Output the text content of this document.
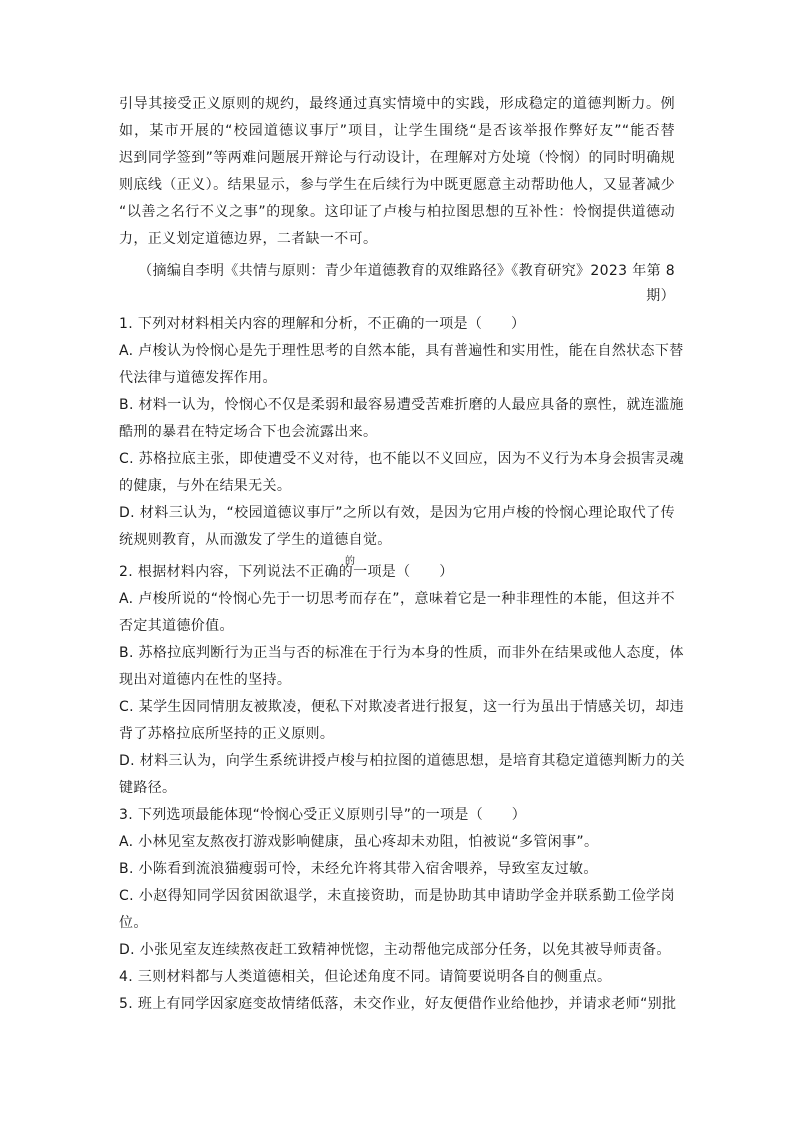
引导其接受正义原则的规约，最终通过真实情境中的实践，形成稳定的道德判断力。例
如，某市开展的“校园道德议事厅”项目，让学生围绕“是否该举报作弊好友”“能否替
迟到同学签到”等两难问题展开辩论与行动设计，在理解对方处境（怜悯）的同时明确规
则底线（正义）。结果显示，参与学生在后续行为中既更愿意主动帮助他人，又显著减少
“以善之名行不义之事”的现象。这印证了卢梭与柏拉图思想的互补性：怜悯提供道德动
力，正义划定道德边界，二者缺一不可。
（摘编自李明《共情与原则：青少年道德教育的双维路径》《教育研究》2023 年第 8
期）
1. 下列对材料相关内容的理解和分析，不正确的一项是（　　）
A. 卢梭认为怜悯心是先于理性思考的自然本能，具有普遍性和实用性，能在自然状态下替
代法律与道德发挥作用。
B. 材料一认为，怜悯心不仅是柔弱和最容易遭受苦难折磨的人最应具备的禀性，就连滥施
酷刑的暴君在特定场合下也会流露出来。
C. 苏格拉底主张，即使遭受不义对待，也不能以不义回应，因为不义行为本身会损害灵魂
的健康，与外在结果无关。
D. 材料三认为，“校园道德议事厅”之所以有效，是因为它用卢梭的怜悯心理论取代了传
统规则教育，从而激发了学生的道德自觉。
2. 根据材料内容，下列说法不正确的一项是（　　）
的
A. 卢梭所说的“怜悯心先于一切思考而存在”，意味着它是一种非理性的本能，但这并不
否定其道德价值。
B. 苏格拉底判断行为正当与否的标准在于行为本身的性质，而非外在结果或他人态度，体
现出对道德内在性的坚持。
C. 某学生因同情朋友被欺凌，便私下对欺凌者进行报复，这一行为虽出于情感关切，却违
背了苏格拉底所坚持的正义原则。
D. 材料三认为，向学生系统讲授卢梭与柏拉图的道德思想，是培育其稳定道德判断力的关
键路径。
3. 下列选项最能体现“怜悯心受正义原则引导”的一项是（　　）
A. 小林见室友熬夜打游戏影响健康，虽心疼却未劝阻，怕被说“多管闲事”。
B. 小陈看到流浪猫瘦弱可怜，未经允许将其带入宿舍喂养，导致室友过敏。
C. 小赵得知同学因贫困欲退学，未直接资助，而是协助其申请助学金并联系勤工俭学岗
位。
D. 小张见室友连续熬夜赶工致精神恍惚，主动帮他完成部分任务，以免其被导师责备。
4. 三则材料都与人类道德相关，但论述角度不同。请简要说明各自的侧重点。
5. 班上有同学因家庭变故情绪低落，未交作业，好友便借作业给他抄，并请求老师“别批
